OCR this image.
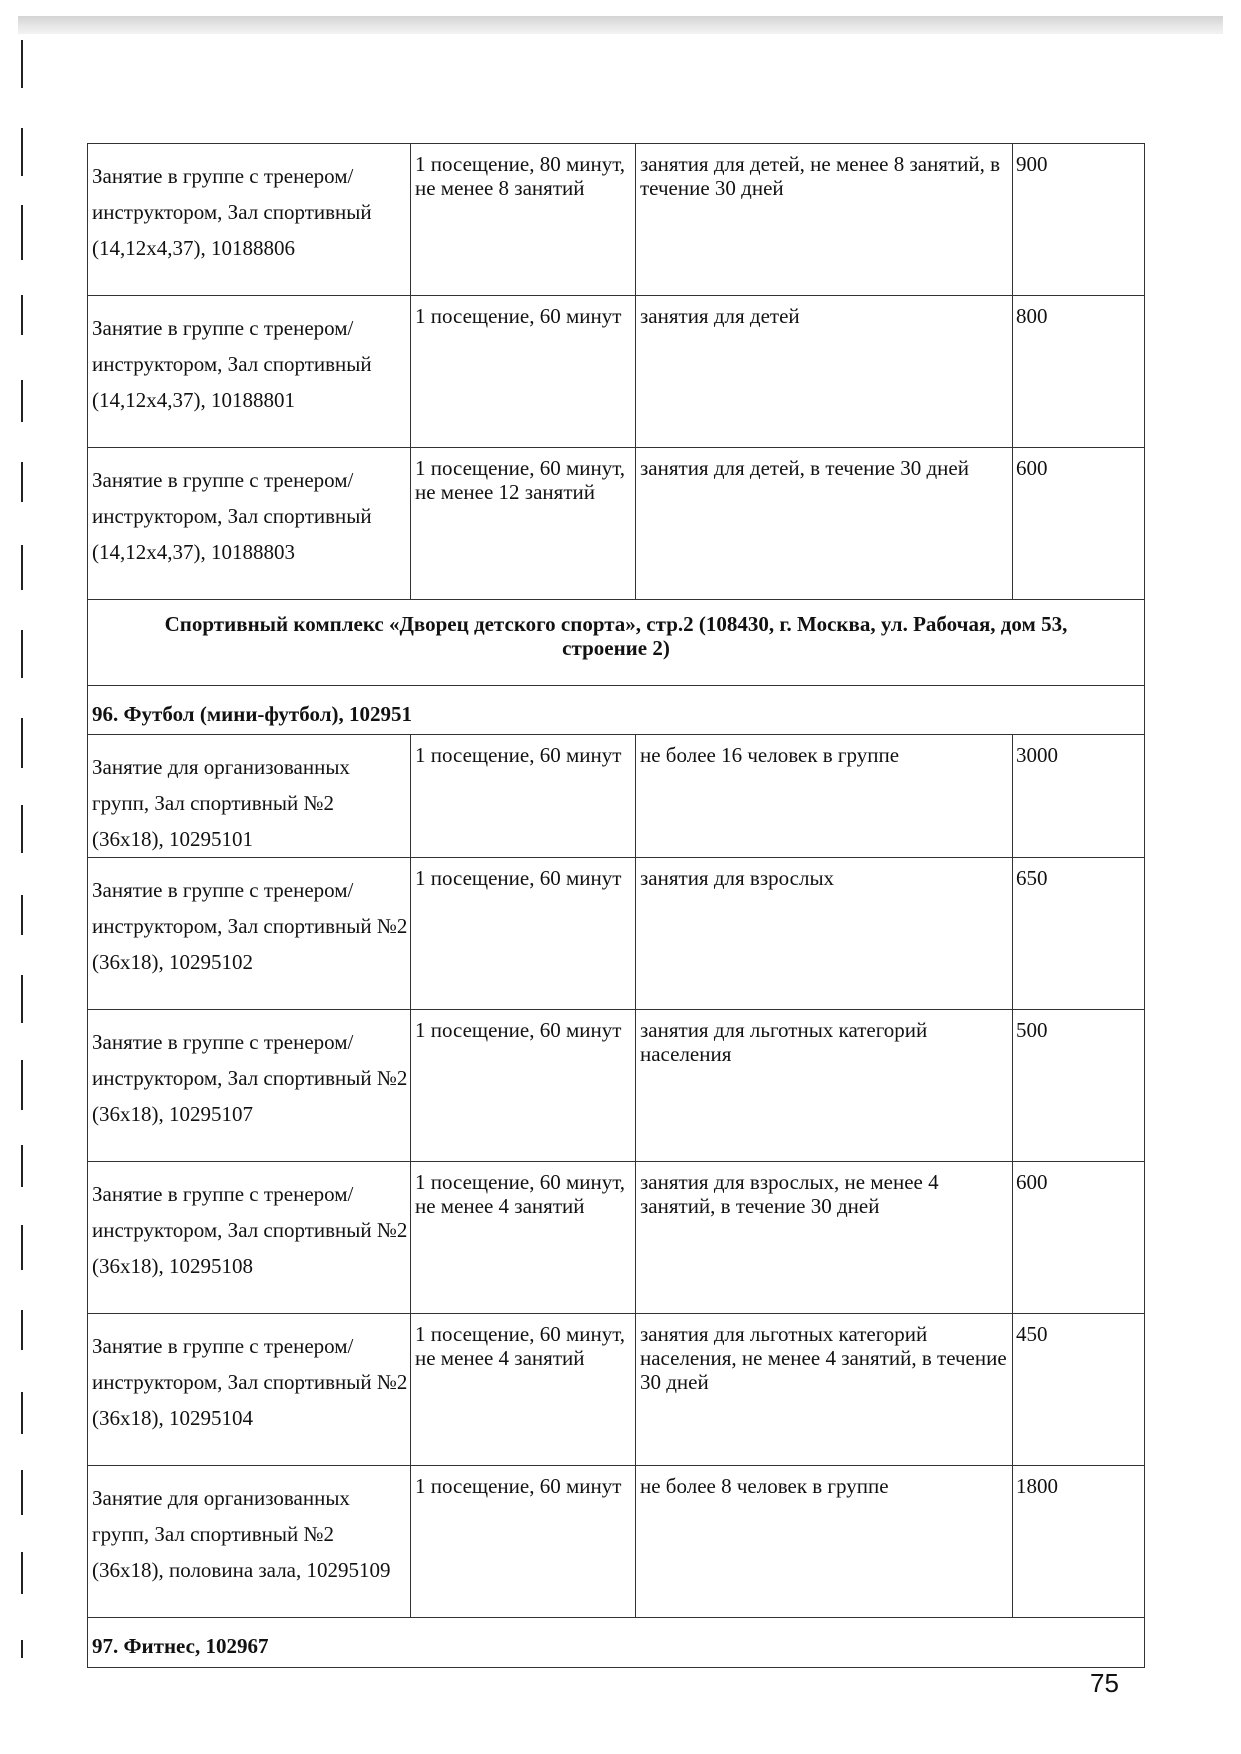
Занятие в группе с тренером/инструктором, Зал спортивный (14,12x4,37), 10188806	1 посещение, 80 минут, не менее 8 занятий	занятия для детей, не менее 8 занятий, в течение 30 дней	900
Занятие в группе с тренером/инструктором, Зал спортивный (14,12x4,37), 10188801	1 посещение, 60 минут	занятия для детей	800
Занятие в группе с тренером/инструктором, Зал спортивный (14,12x4,37), 10188803	1 посещение, 60 минут, не менее 12 занятий	занятия для детей, в течение 30 дней	600
Спортивный комплекс «Дворец детского спорта», стр.2 (108430, г. Москва, ул. Рабочая, дом 53, строение 2)			
96. Футбол (мини-футбол), 102951			
Занятие для организованных групп, Зал спортивный №2 (36x18), 10295101	1 посещение, 60 минут	не более 16 человек в группе	3000
Занятие в группе с тренером/инструктором, Зал спортивный №2 (36x18), 10295102	1 посещение, 60 минут	занятия для взрослых	650
Занятие в группе с тренером/инструктором, Зал спортивный №2 (36x18), 10295107	1 посещение, 60 минут	занятия для льготных категорий населения	500
Занятие в группе с тренером/инструктором, Зал спортивный №2 (36x18), 10295108	1 посещение, 60 минут, не менее 4 занятий	занятия для взрослых, не менее 4 занятий, в течение 30 дней	600
Занятие в группе с тренером/инструктором, Зал спортивный №2 (36x18), 10295104	1 посещение, 60 минут, не менее 4 занятий	занятия для льготных категорий населения, не менее 4 занятий, в течение 30 дней	450
Занятие для организованных групп, Зал спортивный №2 (36x18), половина зала, 10295109	1 посещение, 60 минут	не более 8 человек в группе	1800
97. Фитнес, 102967			
75
